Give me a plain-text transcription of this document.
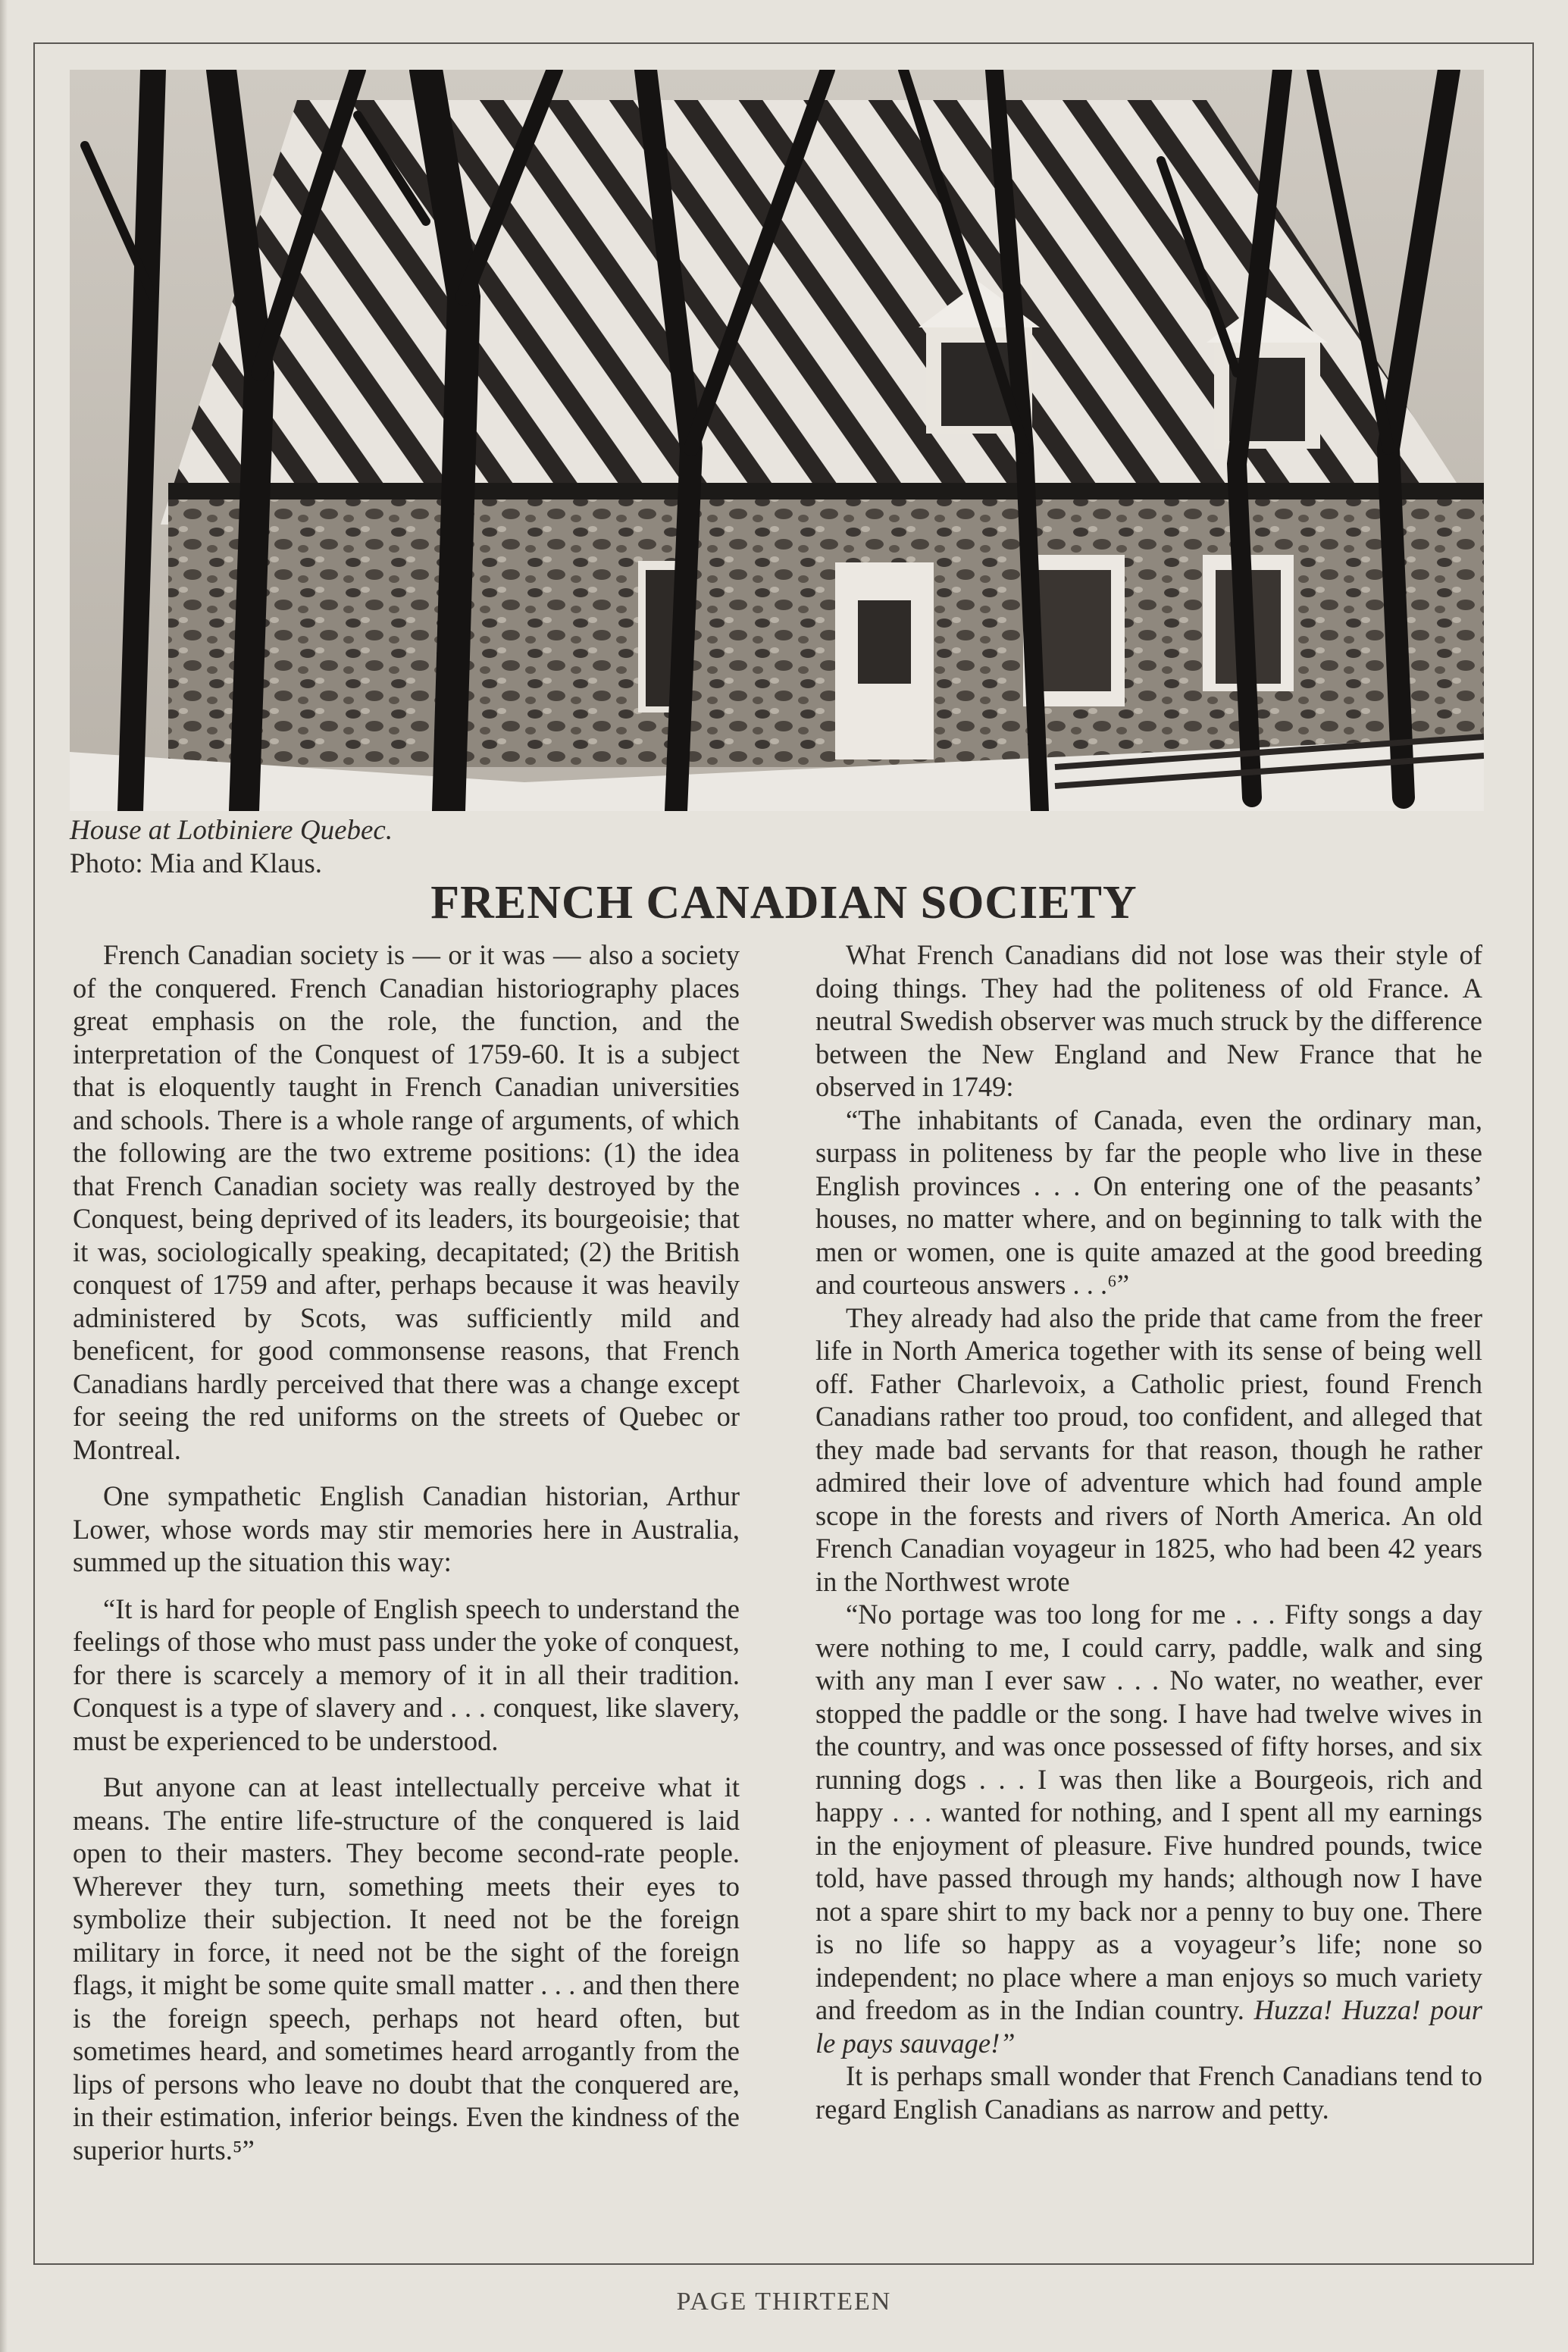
House at Lotbiniere Quebec.
Photo: Mia and Klaus.
FRENCH CANADIAN SOCIETY

French Canadian society is — or it was — also a society of the conquered. French Canadian historiography places great emphasis on the role, the function, and the interpretation of the Conquest of 1759-60. It is a subject that is eloquently taught in French Canadian universities and schools. There is a whole range of arguments, of which the following are the two extreme positions: (1) the idea that French Canadian society was really destroyed by the Conquest, being deprived of its leaders, its bourgeoisie; that it was, sociologically speaking, decapitated; (2) the British conquest of 1759 and after, perhaps because it was heavily administered by Scots, was sufficiently mild and beneficent, for good commonsense reasons, that French Canadians hardly perceived that there was a change except for seeing the red uniforms on the streets of Quebec or Montreal.

One sympathetic English Canadian historian, Arthur Lower, whose words may stir memories here in Australia, summed up the situation this way:

“It is hard for people of English speech to understand the feelings of those who must pass under the yoke of conquest, for there is scarcely a memory of it in all their tradition. Conquest is a type of slavery and . . . conquest, like slavery, must be experienced to be understood.

But anyone can at least intellectually perceive what it means. The entire life-structure of the conquered is laid open to their masters. They become second-rate people. Wherever they turn, something meets their eyes to symbolize their subjection. It need not be the foreign military in force, it need not be the sight of the foreign flags, it might be some quite small matter . . . and then there is the foreign speech, perhaps not heard often, but sometimes heard, and sometimes heard arrogantly from the lips of persons who leave no doubt that the conquered are, in their estimation, inferior beings. Even the kindness of the superior hurts.⁵”

What French Canadians did not lose was their style of doing things. They had the politeness of old France. A neutral Swedish observer was much struck by the difference between the New England and New France that he observed in 1749:

“The inhabitants of Canada, even the ordinary man, surpass in politeness by far the people who live in these English provinces . . . On entering one of the peasants’ houses, no matter where, and on beginning to talk with the men or women, one is quite amazed at the good breeding and courteous answers . . .⁶”

They already had also the pride that came from the freer life in North America together with its sense of being well off. Father Charlevoix, a Catholic priest, found French Canadians rather too proud, too confident, and alleged that they made bad servants for that reason, though he rather admired their love of adventure which had found ample scope in the forests and rivers of North America. An old French Canadian voyageur in 1825, who had been 42 years in the Northwest wrote

“No portage was too long for me . . . Fifty songs a day were nothing to me, I could carry, paddle, walk and sing with any man I ever saw . . . No water, no weather, ever stopped the paddle or the song. I have had twelve wives in the country, and was once possessed of fifty horses, and six running dogs . . . I was then like a Bourgeois, rich and happy . . . wanted for nothing, and I spent all my earnings in the enjoyment of pleasure. Five hundred pounds, twice told, have passed through my hands; although now I have not a spare shirt to my back nor a penny to buy one. There is no life so happy as a voyageur’s life; none so independent; no place where a man enjoys so much variety and freedom as in the Indian country. Huzza! Huzza! pour le pays sauvage!”

It is perhaps small wonder that French Canadians tend to regard English Canadians as narrow and petty.

PAGE THIRTEEN
